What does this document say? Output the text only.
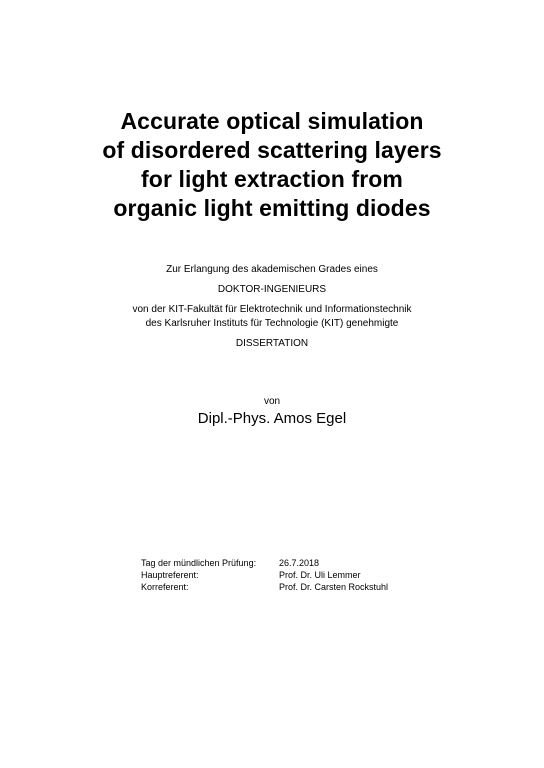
Accurate optical simulation
of disordered scattering layers
for light extraction from
organic light emitting diodes
Zur Erlangung des akademischen Grades eines
DOKTOR-INGENIEURS
von der KIT-Fakultät für Elektrotechnik und Informationstechnik
des Karlsruher Instituts für Technologie (KIT) genehmigte
DISSERTATION
von
Dipl.-Phys. Amos Egel
Tag der mündlichen Prüfung:	26.7.2018
Hauptreferent:	Prof. Dr. Uli Lemmer
Korreferent:	Prof. Dr. Carsten Rockstuhl
